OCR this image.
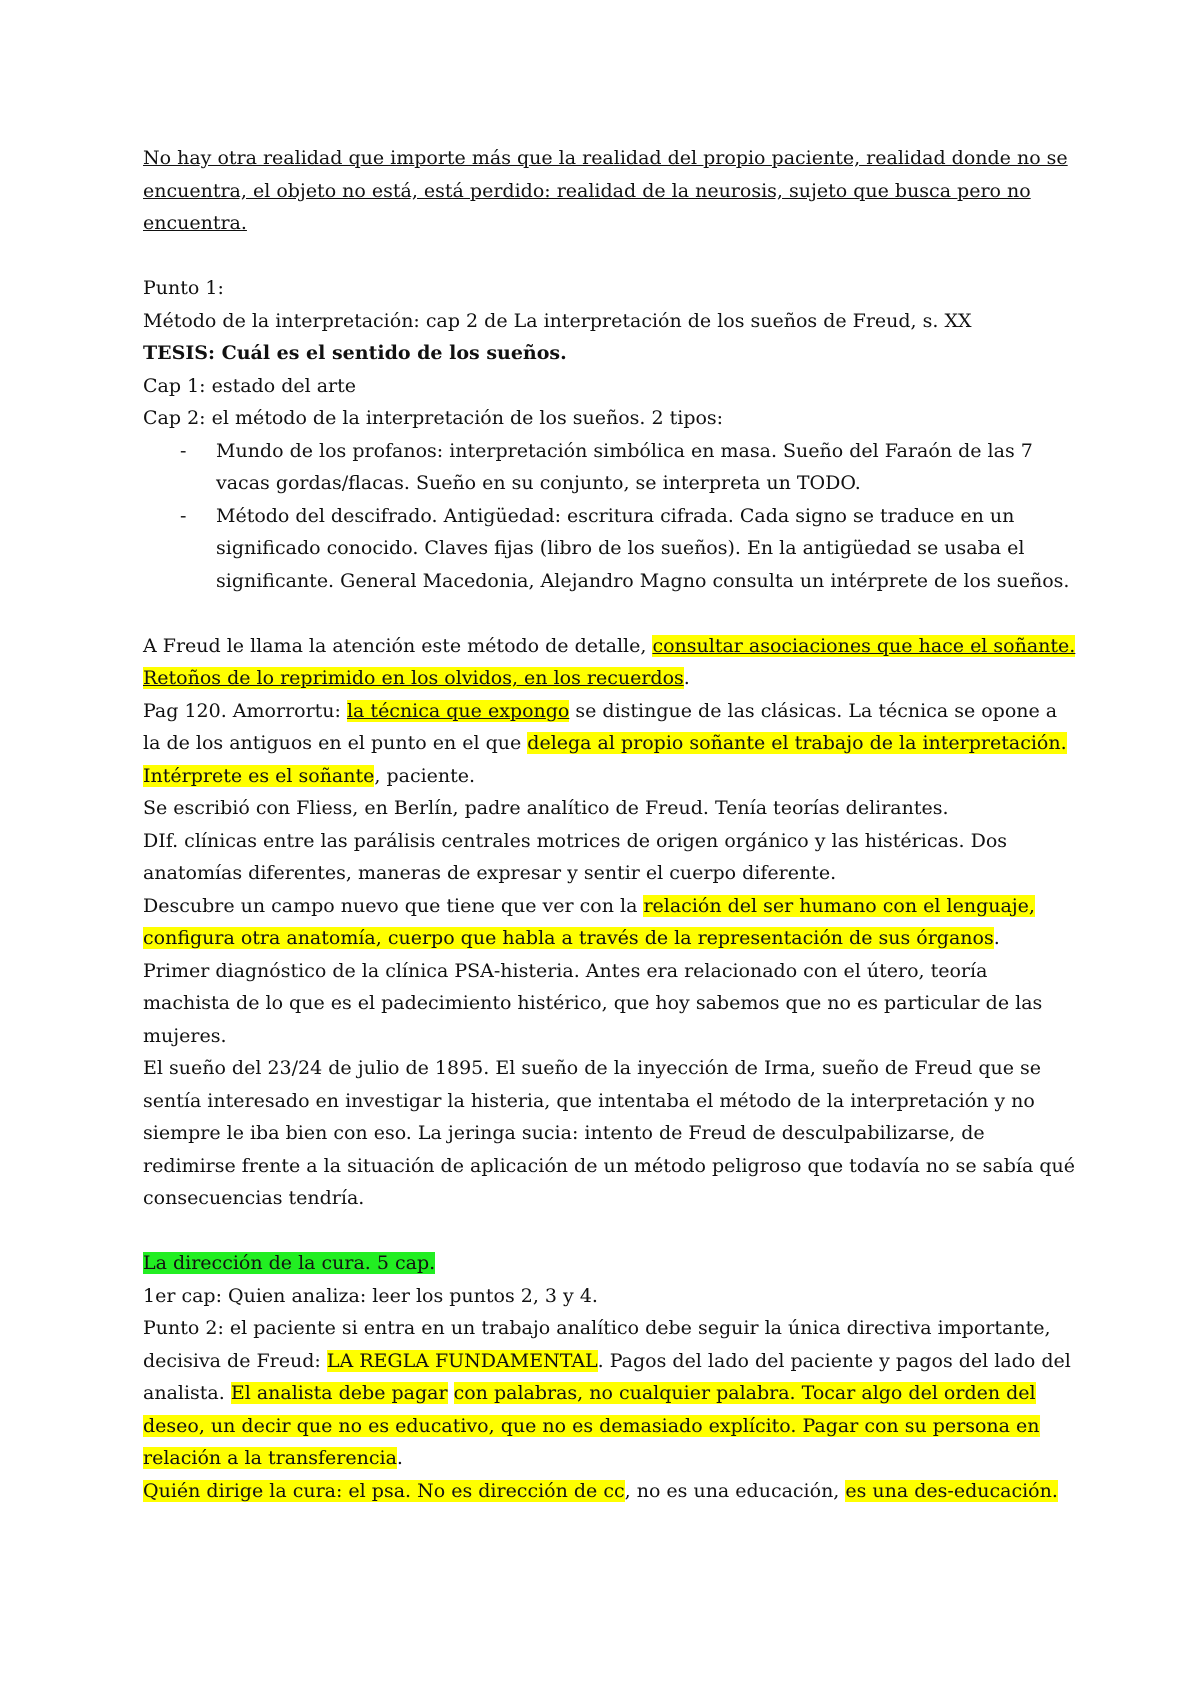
No hay otra realidad que importe más que la realidad del propio paciente, realidad donde no se encuentra, el objeto no está, está perdido: realidad de la neurosis, sujeto que busca pero no encuentra.

Punto 1:

Método de la interpretación: cap 2 de La interpretación de los sueños de Freud, s. XX

TESIS: Cuál es el sentido de los sueños.

Cap 1: estado del arte

Cap 2: el método de la interpretación de los sueños. 2 tipos:

- Mundo de los profanos: interpretación simbólica en masa. Sueño del Faraón de las 7 vacas gordas/flacas. Sueño en su conjunto, se interpreta un TODO.
- Método del descifrado. Antigüedad: escritura cifrada. Cada signo se traduce en un significado conocido. Claves fijas (libro de los sueños). En la antigüedad se usaba el significante. General Macedonia, Alejandro Magno consulta un intérprete de los sueños.

A Freud le llama la atención este método de detalle, consultar asociaciones que hace el soñante. Retoños de lo reprimido en los olvidos, en los recuerdos.

Pag 120. Amorrortu: la técnica que expongo se distingue de las clásicas. La técnica se opone a la de los antiguos en el punto en el que delega al propio soñante el trabajo de la interpretación. Intérprete es el soñante, paciente.

Se escribió con Fliess, en Berlín, padre analítico de Freud. Tenía teorías delirantes.

DIf. clínicas entre las parálisis centrales motrices de origen orgánico y las histéricas. Dos anatomías diferentes, maneras de expresar y sentir el cuerpo diferente.

Descubre un campo nuevo que tiene que ver con la relación del ser humano con el lenguaje, configura otra anatomía, cuerpo que habla a través de la representación de sus órganos.

Primer diagnóstico de la clínica PSA-histeria. Antes era relacionado con el útero, teoría machista de lo que es el padecimiento histérico, que hoy sabemos que no es particular de las mujeres.

El sueño del 23/24 de julio de 1895. El sueño de la inyección de Irma, sueño de Freud que se sentía interesado en investigar la histeria, que intentaba el método de la interpretación y no siempre le iba bien con eso. La jeringa sucia: intento de Freud de desculpabilizarse, de redimirse frente a la situación de aplicación de un método peligroso que todavía no se sabía qué consecuencias tendría.

La dirección de la cura. 5 cap.

1er cap: Quien analiza: leer los puntos 2, 3 y 4.

Punto 2: el paciente si entra en un trabajo analítico debe seguir la única directiva importante, decisiva de Freud: LA REGLA FUNDAMENTAL. Pagos del lado del paciente y pagos del lado del analista. El analista debe pagar con palabras, no cualquier palabra. Tocar algo del orden del deseo, un decir que no es educativo, que no es demasiado explícito. Pagar con su persona en relación a la transferencia.

Quién dirige la cura: el psa. No es dirección de cc, no es una educación, es una des-educación.
